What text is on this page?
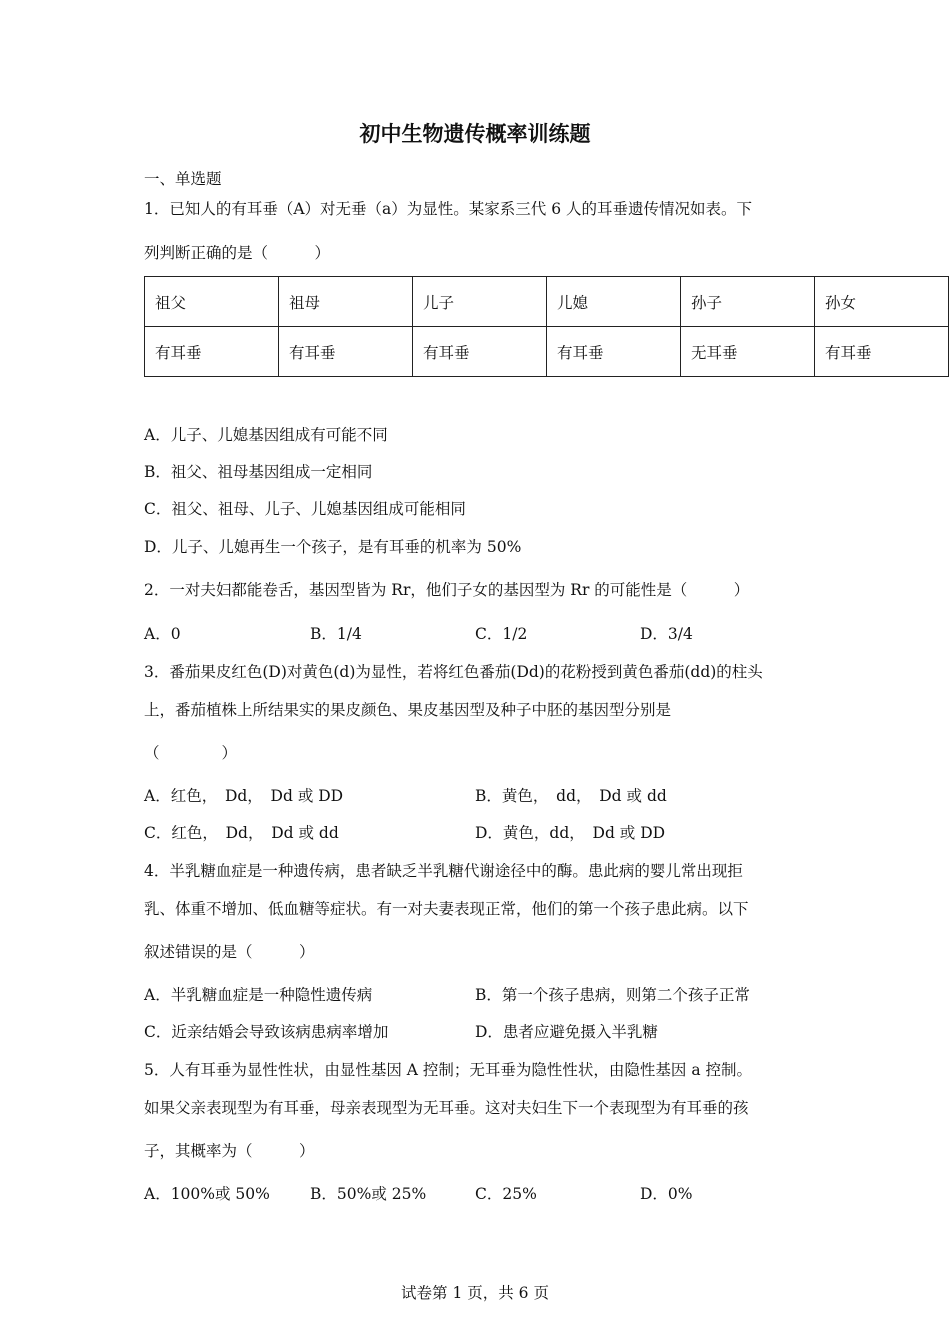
初中生物遗传概率训练题
一、单选题
1．已知人的有耳垂（A）对无垂（a）为显性。某家系三代 6 人的耳垂遗传情况如表。下
列判断正确的是（　　　）
祖父	祖母	儿子	儿媳	孙子	孙女
有耳垂	有耳垂	有耳垂	有耳垂	无耳垂	有耳垂
A．儿子、儿媳基因组成有可能不同
B．祖父、祖母基因组成一定相同
C．祖父、祖母、儿子、儿媳基因组成可能相同
D．儿子、儿媳再生一个孩子，是有耳垂的机率为 50%
2．一对夫妇都能卷舌，基因型皆为 Rr，他们子女的基因型为 Rr 的可能性是（　　　）
A．0	B．1/4	C．1/2	D．3/4
3．番茄果皮红色(D)对黄色(d)为显性，若将红色番茄(Dd)的花粉授到黄色番茄(dd)的柱头
上，番茄植株上所结果实的果皮颜色、果皮基因型及种子中胚的基因型分别是
（　　　　）
A．红色，　Dd，　Dd 或 DD	B．黄色，　dd，　Dd 或 dd
C．红色，　Dd，　Dd 或 dd	D．黄色，dd，　Dd 或 DD
4．半乳糖血症是一种遗传病，患者缺乏半乳糖代谢途径中的酶。患此病的婴儿常出现拒
乳、体重不增加、低血糖等症状。有一对夫妻表现正常，他们的第一个孩子患此病。以下
叙述错误的是（　　　）
A．半乳糖血症是一种隐性遗传病	B．第一个孩子患病，则第二个孩子正常
C．近亲结婚会导致该病患病率增加	D．患者应避免摄入半乳糖
5．人有耳垂为显性性状，由显性基因 A 控制；无耳垂为隐性性状，由隐性基因 a 控制。
如果父亲表现型为有耳垂，母亲表现型为无耳垂。这对夫妇生下一个表现型为有耳垂的孩
子，其概率为（　　　）
A．100%或 50%	B．50%或 25%	C．25%	D．0%
试卷第 1 页，共 6 页
